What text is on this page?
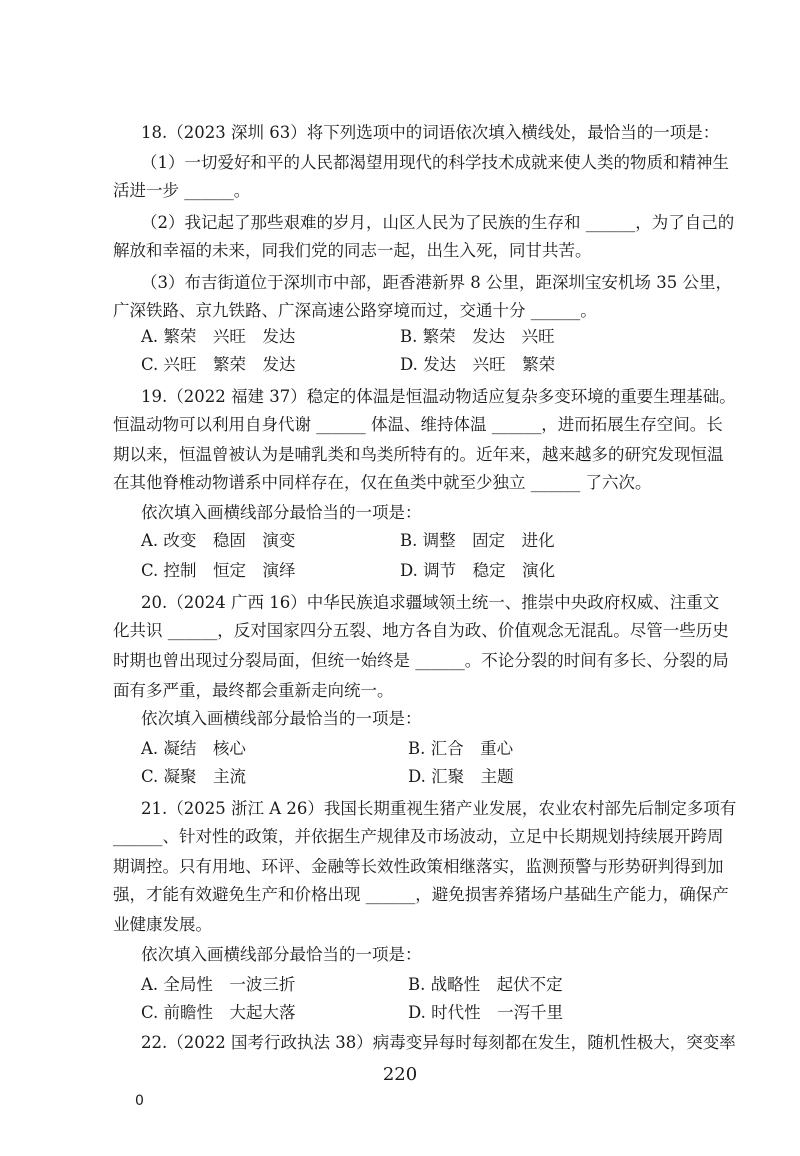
18.（2023 深圳 63）将下列选项中的词语依次填入横线处，最恰当的一项是：
（1）一切爱好和平的人民都渴望用现代的科学技术成就来使人类的物质和精神生
活进一步 ______。
（2）我记起了那些艰难的岁月，山区人民为了民族的生存和 ______，为了自己的
解放和幸福的未来，同我们党的同志一起，出生入死，同甘共苦。
（3）布吉街道位于深圳市中部，距香港新界 8 公里，距深圳宝安机场 35 公里，
广深铁路、京九铁路、广深高速公路穿境而过，交通十分 ______。
A. 繁荣　兴旺　发达	B. 繁荣　发达　兴旺
C. 兴旺　繁荣　发达	D. 发达　兴旺　繁荣
19.（2022 福建 37）稳定的体温是恒温动物适应复杂多变环境的重要生理基础。
恒温动物可以利用自身代谢 ______ 体温、维持体温 ______，进而拓展生存空间。长
期以来，恒温曾被认为是哺乳类和鸟类所特有的。近年来，越来越多的研究发现恒温
在其他脊椎动物谱系中同样存在，仅在鱼类中就至少独立 ______ 了六次。
依次填入画横线部分最恰当的一项是：
A. 改变　稳固　演变	B. 调整　固定　进化
C. 控制　恒定　演绎	D. 调节　稳定　演化
20.（2024 广西 16）中华民族追求疆域领土统一、推崇中央政府权威、注重文
化共识 ______，反对国家四分五裂、地方各自为政、价值观念无混乱。尽管一些历史
时期也曾出现过分裂局面，但统一始终是 ______。不论分裂的时间有多长、分裂的局
面有多严重，最终都会重新走向统一。
依次填入画横线部分最恰当的一项是：
A. 凝结　核心	B. 汇合　重心
C. 凝聚　主流	D. 汇聚　主题
21.（2025 浙江 A 26）我国长期重视生猪产业发展，农业农村部先后制定多项有
______、针对性的政策，并依据生产规律及市场波动，立足中长期规划持续展开跨周
期调控。只有用地、环评、金融等长效性政策相继落实，监测预警与形势研判得到加
强，才能有效避免生产和价格出现 ______，避免损害养猪场户基础生产能力，确保产
业健康发展。
依次填入画横线部分最恰当的一项是：
A. 全局性　一波三折	B. 战略性　起伏不定
C. 前瞻性　大起大落	D. 时代性　一泻千里
22.（2022 国考行政执法 38）病毒变异每时每刻都在发生，随机性极大，突变率
220
0
